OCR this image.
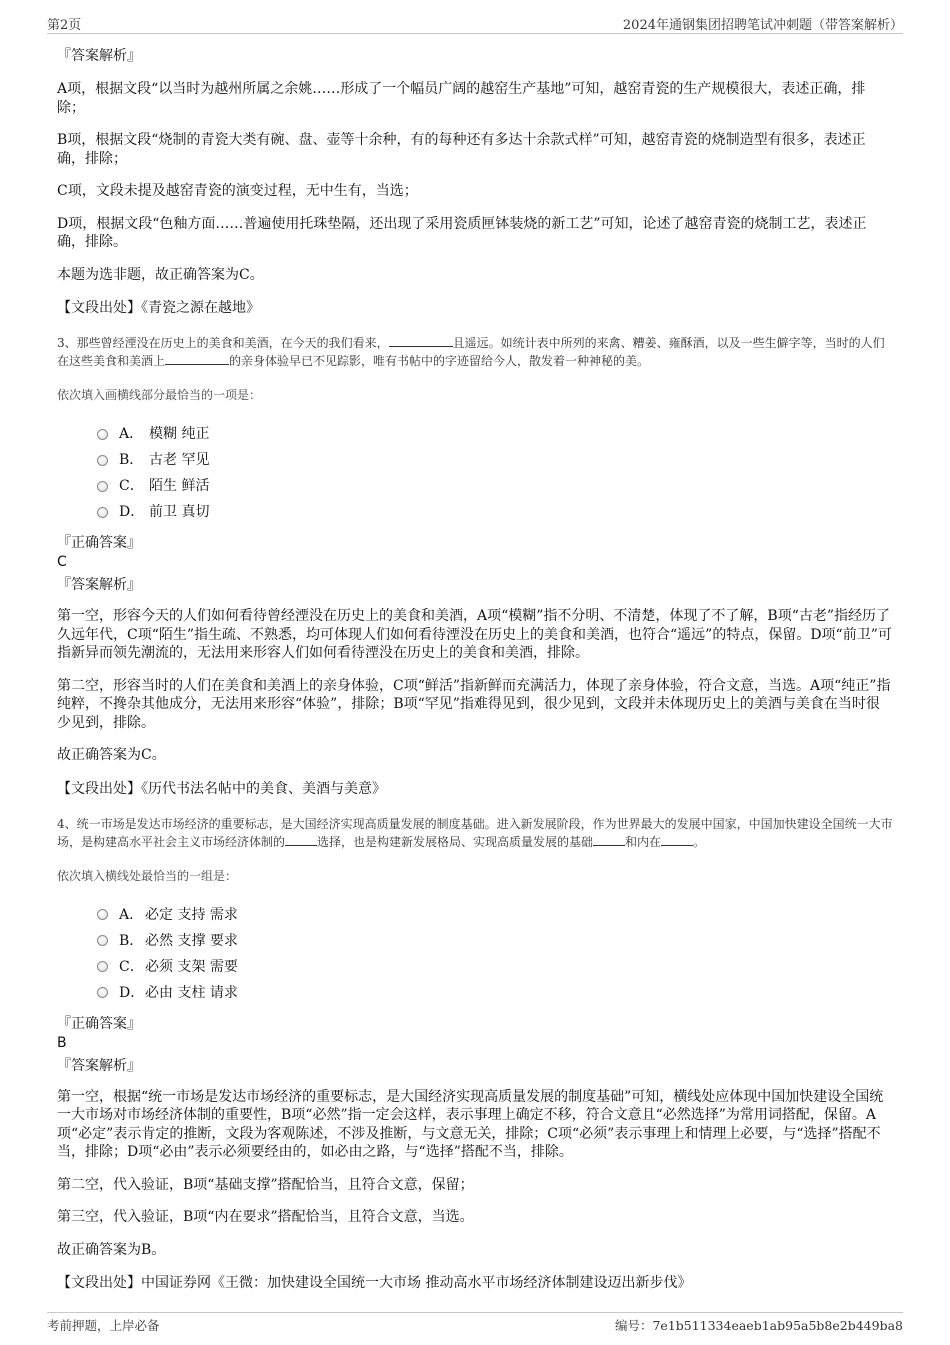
第2页	2024年通钢集团招聘笔试冲刺题（带答案解析）

『答案解析』

A项，根据文段“以当时为越州所属之余姚……形成了一个幅员广阔的越窑生产基地”可知，越窑青瓷的生产规模很大，表述正确，排除；

B项，根据文段“烧制的青瓷大类有碗、盘、壶等十余种，有的每种还有多达十余款式样”可知，越窑青瓷的烧制造型有很多，表述正确，排除；

C项，文段未提及越窑青瓷的演变过程，无中生有，当选；

D项，根据文段“色釉方面……普遍使用托珠垫隔，还出现了采用瓷质匣钵装烧的新工艺”可知，论述了越窑青瓷的烧制工艺，表述正确，排除。

本题为选非题，故正确答案为C。

【文段出处】《青瓷之源在越地》

3、那些曾经湮没在历史上的美食和美酒，在今天的我们看来，	且遥远。如统计表中所列的来禽、糟姜、雍酥酒，以及一些生僻字等，当时的人们在这些美食和美酒上	的亲身体验早已不见踪影，唯有书帖中的字迹留给今人，散发着一种神秘的美。

依次填入画横线部分最恰当的一项是：

A． 模糊 纯正
B． 古老 罕见
C． 陌生 鲜活
D． 前卫 真切

『正确答案』

C

『答案解析』

第一空，形容今天的人们如何看待曾经湮没在历史上的美食和美酒，A项“模糊”指不分明、不清楚，体现了不了解，B项“古老”指经历了久远年代，C项“陌生”指生疏、不熟悉，均可体现人们如何看待湮没在历史上的美食和美酒，也符合“遥远”的特点，保留。D项“前卫”可指新异而领先潮流的，无法用来形容人们如何看待湮没在历史上的美食和美酒，排除。

第二空，形容当时的人们在美食和美酒上的亲身体验，C项“鲜活”指新鲜而充满活力，体现了亲身体验，符合文意，当选。A项“纯正”指纯粹，不搀杂其他成分，无法用来形容“体验”，排除；B项“罕见”指难得见到，很少见到，文段并未体现历史上的美酒与美食在当时很少见到，排除。

故正确答案为C。

【文段出处】《历代书法名帖中的美食、美酒与美意》

4、统一市场是发达市场经济的重要标志，是大国经济实现高质量发展的制度基础。进入新发展阶段，作为世界最大的发展中国家，中国加快建设全国统一大市场，是构建高水平社会主义市场经济体制的	选择，也是构建新发展格局、实现高质量发展的基础	和内在	。

依次填入横线处最恰当的一组是：

A． 必定 支持 需求
B． 必然 支撑 要求
C． 必须 支架 需要
D． 必由 支柱 请求

『正确答案』

B

『答案解析』

第一空，根据“统一市场是发达市场经济的重要标志，是大国经济实现高质量发展的制度基础”可知，横线处应体现中国加快建设全国统一大市场对市场经济体制的重要性，B项“必然”指一定会这样，表示事理上确定不移，符合文意且“必然选择”为常用词搭配，保留。A项“必定”表示肯定的推断，文段为客观陈述，不涉及推断，与文意无关，排除；C项“必须”表示事理上和情理上必要，与“选择”搭配不当，排除；D项“必由”表示必须要经由的，如必由之路，与“选择”搭配不当，排除。

第二空，代入验证，B项“基础支撑”搭配恰当，且符合文意，保留；

第三空，代入验证，B项“内在要求”搭配恰当，且符合文意，当选。

故正确答案为B。

【文段出处】中国证券网《王微：加快建设全国统一大市场 推动高水平市场经济体制建设迈出新步伐》

考前押题，上岸必备	编号：7e1b511334eaeb1ab95a5b8e2b449ba8
